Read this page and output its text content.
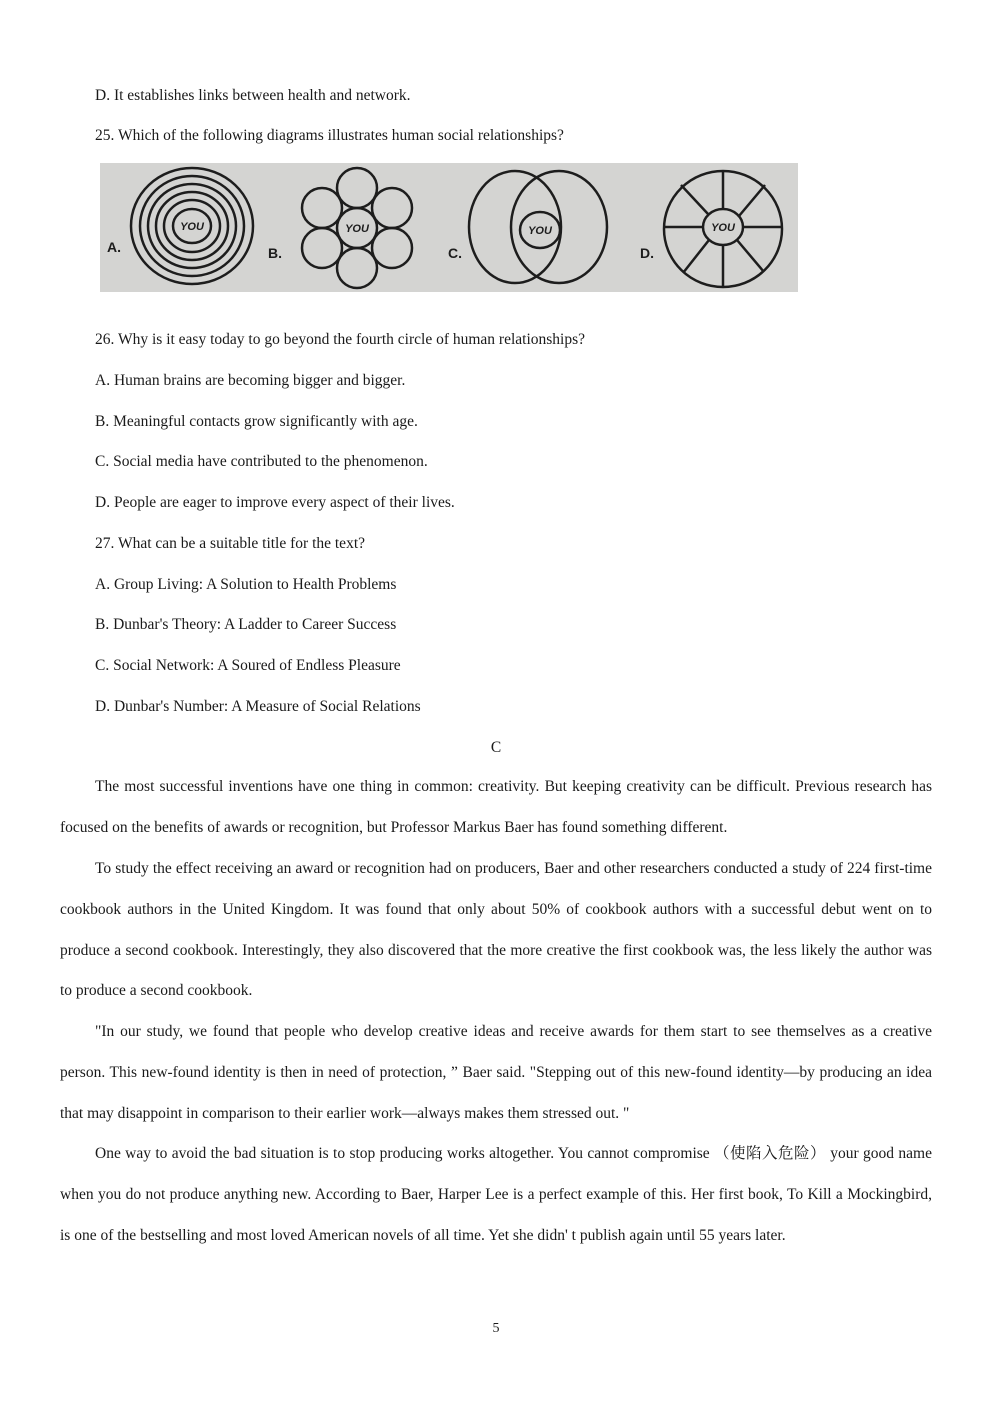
D. It establishes links between health and network.
25. Which of the following diagrams illustrates human social relationships?
A.	B.	C.	D.
YOU	YOU	YOU	YOU
26. Why is it easy today to go beyond the fourth circle of human relationships?
A. Human brains are becoming bigger and bigger.
B. Meaningful contacts grow significantly with age.
C. Social media have contributed to the phenomenon.
D. People are eager to improve every aspect of their lives.
27. What can be a suitable title for the text?
A. Group Living: A Solution to Health Problems
B. Dunbar's Theory: A Ladder to Career Success
C. Social Network: A Soured of Endless Pleasure
D. Dunbar's Number: A Measure of Social Relations
C
The most successful inventions have one thing in common: creativity. But keeping creativity can be difficult. Previous research has focused on the benefits of awards or recognition, but Professor Markus Baer has found something different.
To study the effect receiving an award or recognition had on producers, Baer and other researchers conducted a study of 224 first-time cookbook authors in the United Kingdom. It was found that only about 50% of cookbook authors with a successful debut went on to produce a second cookbook. Interestingly, they also discovered that the more creative the first cookbook was, the less likely the author was to produce a second cookbook.
"In our study, we found that people who develop creative ideas and receive awards for them start to see themselves as a creative person. This new-found identity is then in need of protection, ” Baer said. "Stepping out of this new-found identity—by producing an idea that may disappoint in comparison to their earlier work—always makes them stressed out. "
One way to avoid the bad situation is to stop producing works altogether. You cannot compromise （使陷入危险） your good name when you do not produce anything new. According to Baer, Harper Lee is a perfect example of this. Her first book, To Kill a Mockingbird, is one of the bestselling and most loved American novels of all time. Yet she didn' t publish again until 55 years later.
5
